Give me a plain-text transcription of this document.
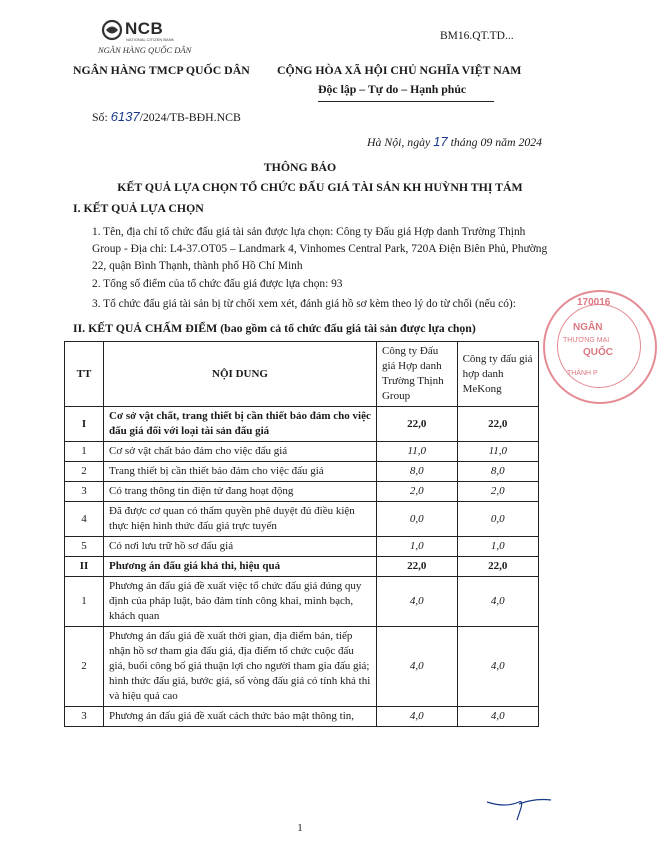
NCB
NATIONAL CITIZEN BANK
NGÂN HÀNG QUỐC DÂN
BM16.QT.TD...
NGÂN HÀNG TMCP QUỐC DÂN CỘNG HÒA XÃ HỘI CHỦ NGHĨA VIỆT NAM
Độc lập – Tự do – Hạnh phúc
Số: 6137/2024/TB-BĐH.NCB
Hà Nội, ngày 17 tháng 09 năm 2024
THÔNG BÁO
KẾT QUẢ LỰA CHỌN TỔ CHỨC ĐẤU GIÁ TÀI SẢN KH HUỲNH THỊ TÁM
I. KẾT QUẢ LỰA CHỌN
1. Tên, địa chỉ tổ chức đấu giá tài sản được lựa chọn: Công ty Đấu giá Hợp danh Trường Thịnh Group - Địa chỉ: L4-37.OT05 – Landmark 4, Vinhomes Central Park, 720A Điện Biên Phủ, Phường 22, quận Bình Thạnh, thành phố Hồ Chí Minh
2. Tổng số điểm của tổ chức đấu giá được lựa chọn: 93
3. Tổ chức đấu giá tài sản bị từ chối xem xét, đánh giá hồ sơ kèm theo lý do từ chối (nếu có):
II. KẾT QUẢ CHẤM ĐIỂM (bao gồm cả tổ chức đấu giá tài sản được lựa chọn)
TT	NỘI DUNG	Công ty Đấu giá Hợp danh Trường Thịnh Group	Công ty đấu giá hợp danh MeKong
I	Cơ sở vật chất, trang thiết bị cần thiết bảo đảm cho việc đấu giá đối với loại tài sản đấu giá	22,0	22,0
1	Cơ sở vật chất bảo đảm cho việc đấu giá	11,0	11,0
2	Trang thiết bị cần thiết bảo đảm cho việc đấu giá	8,0	8,0
3	Có trang thông tin điện tử đang hoạt động	2,0	2,0
4	Đã được cơ quan có thẩm quyền phê duyệt đủ điều kiện thực hiện hình thức đấu giá trực tuyến	0,0	0,0
5	Có nơi lưu trữ hồ sơ đấu giá	1,0	1,0
II	Phương án đấu giá khả thi, hiệu quả	22,0	22,0
1	Phương án đấu giá đề xuất việc tổ chức đấu giá đúng quy định của pháp luật, bảo đảm tính công khai, minh bạch, khách quan	4,0	4,0
2	Phương án đấu giá đề xuất thời gian, địa điểm bán, tiếp nhận hồ sơ tham gia đấu giá, địa điểm tổ chức cuộc đấu giá, buổi công bố giá thuận lợi cho người tham gia đấu giá; hình thức đấu giá, bước giá, số vòng đấu giá có tính khả thi và hiệu quả cao	4,0	4,0
3	Phương án đấu giá đề xuất cách thức bảo mật thông tin,	4,0	4,0
170016
NGÂN
THƯƠNG MẠI
QUỐC
THÀNH P
1
